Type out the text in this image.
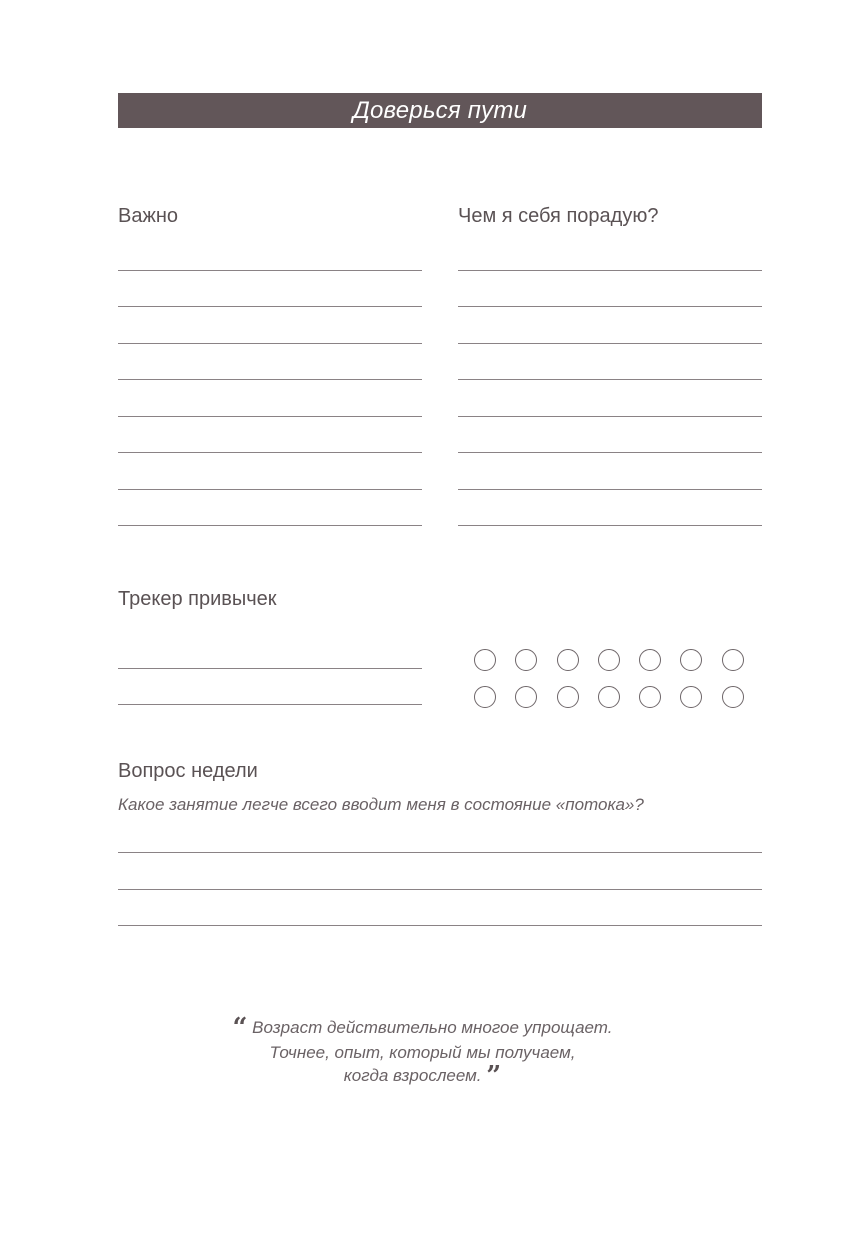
Доверься пути
Важно	Чем я себя порадую?
Трекер привычек
Вопрос недели
Какое занятие легче всего вводит меня в состояние «потока»?
“ Возраст действительно многое упрощает.
Точнее, опыт, который мы получаем,
когда взрослеем. ”
